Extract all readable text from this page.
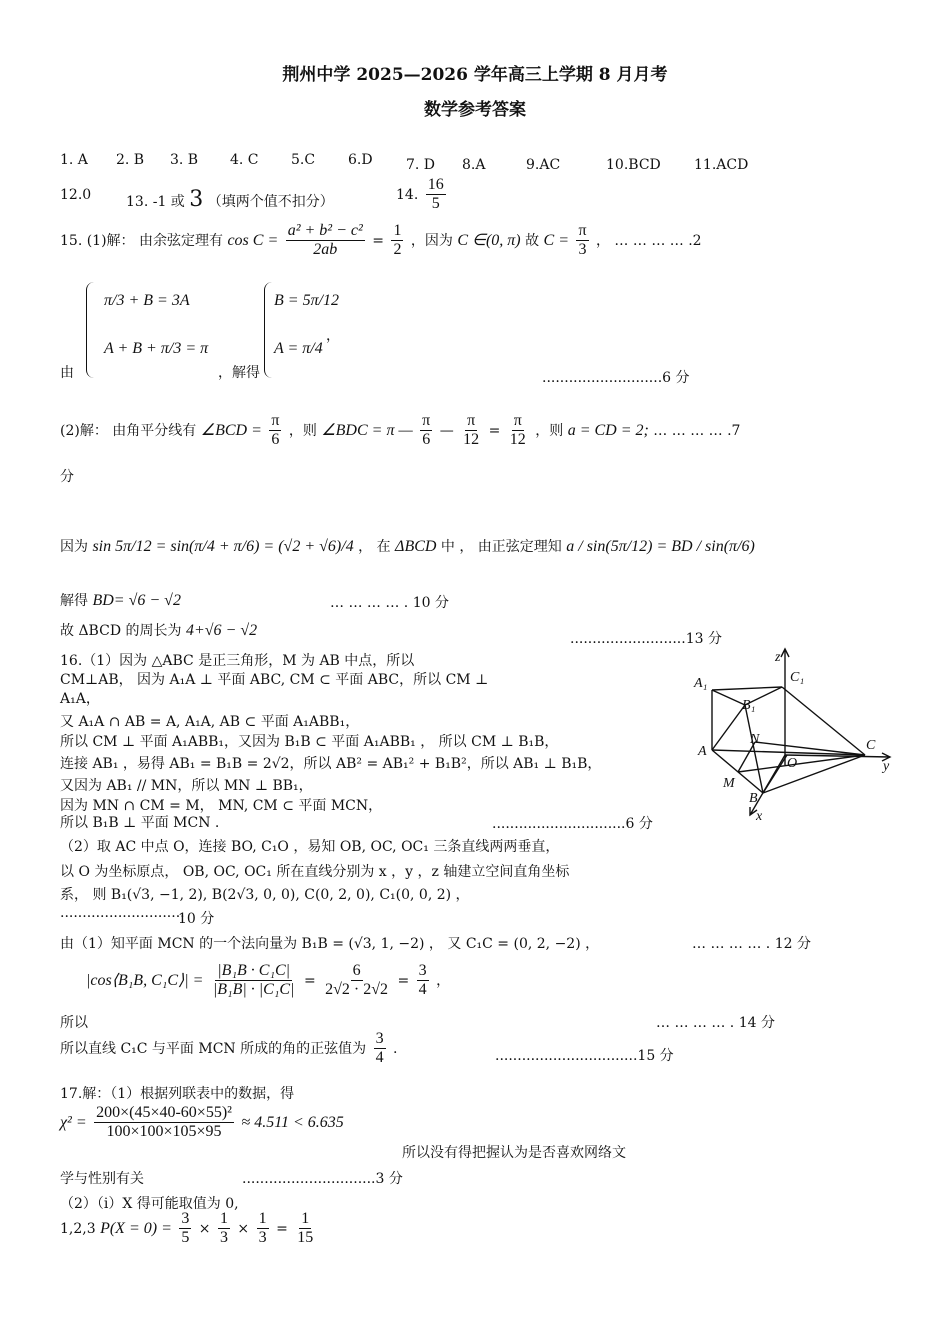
荆州中学 2025—2026 学年高三上学期 8 月月考
数学参考答案
1. A 2. B 3. B 4. C 5.C 6.D 7. D 8.A	9.AC	10.BCD 11.ACD
12.0 13. -1 或 3 （填两个值不扣分）	14. $\frac{16}{5}$
15. (1)解： 由余弦定理有 $\cos C = \frac{\text{a² + b² − c²}}{2ab} = \frac{1}{2}$ ，因为 C ∈(0, π) 故 $C = \frac{\pi}{3}$ ， … … … … .2
由
π/3 + B = 3A
A + B + π/3 = π
，解得
B = 5π/12
A = π/4
，
...........................6 分
(2)解： 由角平分线有 ∠BCD = $\frac{\pi}{6}$ ，则 ∠BDC = π — $\frac{\pi}{6}$ — $\frac{\pi}{12} = \frac{\pi}{12}$ ，则 a = CD = 2; … … … … .7
分
因为 sin 5π/12 = sin(π/4 + π/6) = (√2 + √6)/4 ， 在 ΔBCD 中 ， 由正弦定理知 a / sin(5π/12) = BD / sin(π/6)
解得 BD= √6 − √2	… … … … . 10 分
故 ΔBCD 的周长为 4+√6 − √2	..........................13 分
16.（1）因为 △ABC 是正三角形，M 为 AB 中点，所以
CM⊥AB， 因为 A₁A ⊥ 平面 ABC, CM ⊂ 平面 ABC，所以 CM ⊥
A₁A，
又 A₁A ∩ AB = A, A₁A, AB ⊂ 平面 A₁ABB₁，
所以 CM ⊥ 平面 A₁ABB₁，又因为 B₁B ⊂ 平面 A₁ABB₁ ， 所以 CM ⊥ B₁B，
连接 AB₁ ，易得 AB₁ = B₁B = 2√2，所以 AB² = AB₁² + B₁B²，所以 AB₁ ⊥ B₁B，
又因为 AB₁ // MN，所以 MN ⊥ BB₁，
因为 MN ∩ CM = M， MN, CM ⊂ 平面 MCN，
所以 B₁B ⊥ 平面 MCN .	..............................6 分
（2）取 AC 中点 O，连接 BO, C₁O ，易知 OB, OC, OC₁ 三条直线两两垂直，
以 O 为坐标原点， OB, OC, OC₁ 所在直线分别为 x ，y ，z 轴建立空间直角坐标
系， 则 B₁(√3, −1, 2), B(2√3, 0, 0), C(0, 2, 0), C₁(0, 0, 2) ，
............................
10 分
由（1）知平面 MCN 的一个法向量为 B₁B = (√3, 1, −2) ， 又 C₁C = (0, 2, −2) ，	… … … … . 12 分
|cos⟨B₁B, C₁C⟩| = $\frac{\text{|B₁B · C₁C|}}{\text{|B₁B| · |C₁C|}} = \frac{6}{2√2 \cdot 2√2} = \frac{3}{4}$ ，
所以	… … … … . 14 分
所以直线 C₁C 与平面 MCN 所成的角的正弦值为 $\frac{3}{4}$ .	................................15 分
17.解：（1）根据列联表中的数据，得
$\chi^2 = \frac{\text{200×(45×40-60×55)²}}{100\times 100\times 105\times 95} \approx 4.511 < 6.635$
所以没有得把握认为是否喜欢网络文
学与性别有关	..............................3 分
（2）（i）X 得可能取值为 0,
1,2,3 $P(X = 0) = \frac{3}{5} \times \frac{1}{3} \times \frac{1}{3} = \frac{1}{15}$
A₁	C₁
B₁
A
N	C
O
M
B
x
y
z
